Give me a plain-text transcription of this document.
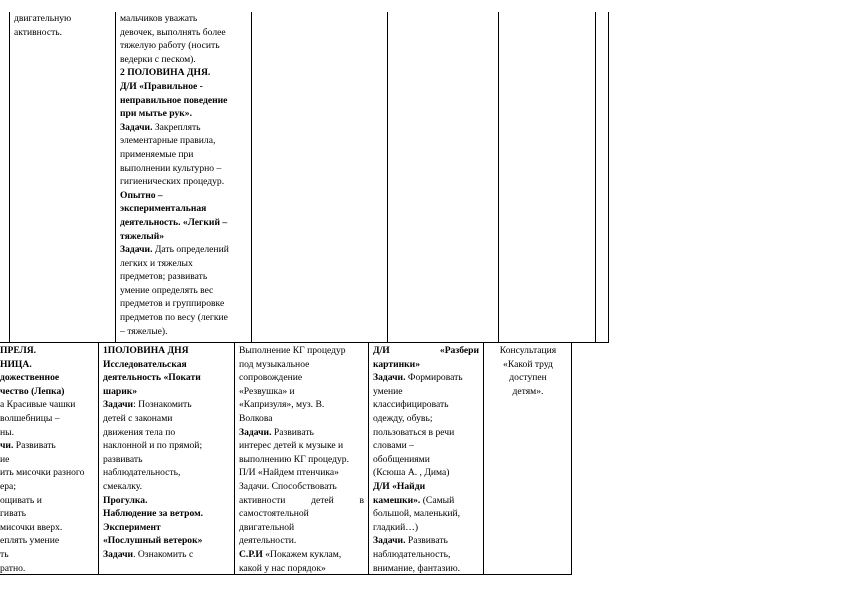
двигательную
активность.
мальчиков уважать
девочек, выполнять более
тяжелую работу (носить
ведерки с песком).
2 ПОЛОВИНА ДНЯ.
Д/И «Правильное -
неправильное поведение
при мытье рук».
Задачи. Закреплять
элементарные правила,
применяемые при
выполнении культурно –
гигиенических процедур.
Опытно –
экспериментальная
деятельность. «Легкий –
тяжелый»
Задачи. Дать определений
легких и тяжелых
предметов; развивать
умение определять вес
предметов и группировке
предметов по весу (легкие
– тяжелые).
ПРЕЛЯ.
НИЦА.
дожественное
чество (Лепка)
а Красивые чашки
волшебницы –
ны.
чи. Развивать
ие
ить мисочки разного
ера;
ощивать и
гивать
мисочки вверх.
еплять умение
ть
ратно.
1ПОЛОВИНА ДНЯ
Исследовательская
деятельность «Покати
шарик»
Задачи: Познакомить
детей с законами
движения тела по
наклонной и по прямой;
развивать
наблюдательность,
смекалку.
Прогулка.
Наблюдение за ветром.
Эксперимент
«Послушный ветерок»
Задачи. Ознакомить с
Выполнение КГ процедур
под музыкальное
сопровождение
«Резвушка» и
«Капризуля», муз. В.
Волкова
Задачи. Развивать
интерес детей к музыке и
выполнению КГ процедур.
П/И «Найдем птенчика»
Задачи. Способствовать
активности детей в
самостоятельной
двигательной
деятельности.
С.Р.И «Покажем куклам,
какой у нас порядок»
Д/И «Разбери
картинки»
Задачи. Формировать
умение
классифицировать
одежду, обувь;
пользоваться в речи
словами –
обобщениями
(Ксюша А. , Дима)
Д/И «Найди
камешки». (Самый
большой, маленький,
гладкий…)
Задачи. Развивать
наблюдательность,
внимание, фантазию.
Консультация
«Какой труд
доступен
детям».
